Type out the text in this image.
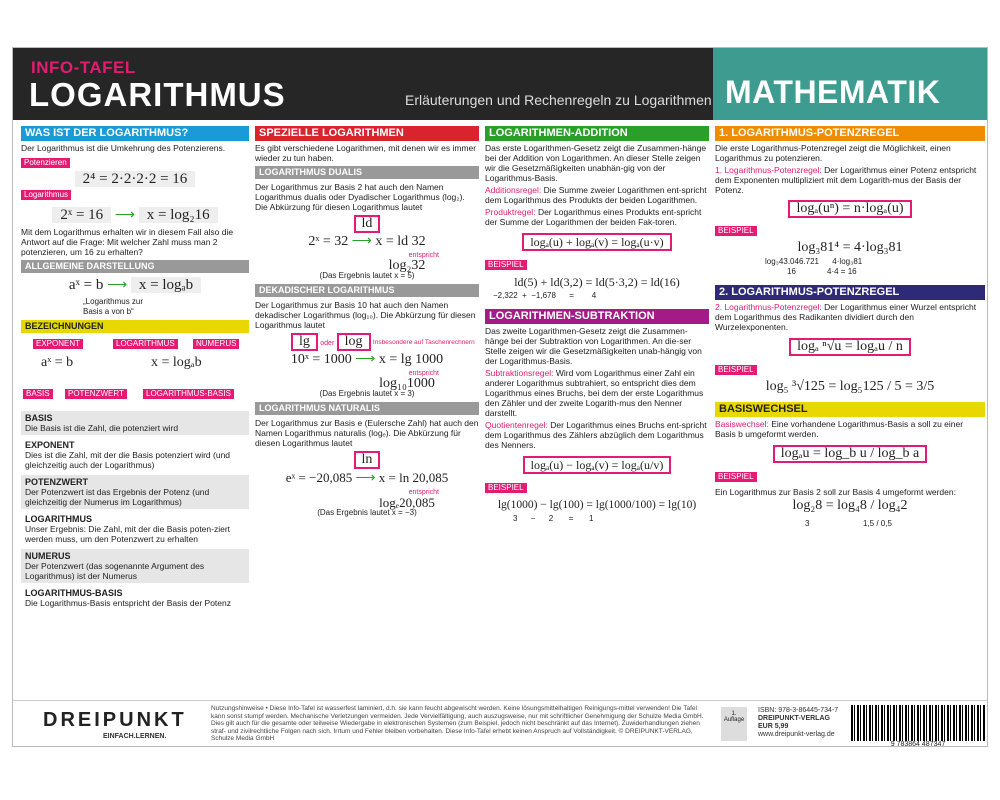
INFO-TAFEL
LOGARITHMUS	Erläuterungen und Rechenregeln zu Logarithmen MATHEMATIK
WAS IST DER LOGARITHMUS?
Der Logarithmus ist die Umkehrung des Potenzierens.
Potenzieren
2⁴ = 2·2·2·2 = 16
Logarithmus
2ˣ = 16 ⟶ x = log₂16
Mit dem Logarithmus erhalten wir in diesem Fall also die Antwort auf die Frage: Mit welcher Zahl muss man 2 potenzieren, um 16 zu erhalten?
ALLGEMEINE DARSTELLUNG
aˣ = b ⟶ x = logₐb
„Logarithmus zur Basis a von b“
BEZEICHNUNGEN
EXPONENT	LOGARITHMUS	NUMERUS
aˣ = b	x = logₐb
BASIS	POTENZWERT	LOGARITHMUS-BASIS
BASIS
Die Basis ist die Zahl, die potenziert wird
EXPONENT
Dies ist die Zahl, mit der die Basis potenziert wird (und gleichzeitig auch der Logarithmus)
POTENZWERT
Der Potenzwert ist das Ergebnis der Potenz (und gleichzeitig der Numerus im Logarithmus)
LOGARITHMUS
Unser Ergebnis: Die Zahl, mit der die Basis poten-ziert werden muss, um den Potenzwert zu erhalten
NUMERUS
Der Potenzwert (das sogenannte Argument des Logarithmus) ist der Numerus
LOGARITHMUS-BASIS
Die Logarithmus-Basis entspricht der Basis der Potenz
SPEZIELLE LOGARITHMEN
Es gibt verschiedene Logarithmen, mit denen wir es immer wieder zu tun haben.
LOGARITHMUS DUALIS
Der Logarithmus zur Basis 2 hat auch den Namen Logarithmus dualis oder Dyadischer Logarithmus (log₂). Die Abkürzung für diesen Logarithmus lautet
ld
2ˣ = 32 ⟶ x = ld 32
entspricht
log₂32
(Das Ergebnis lautet x = 5)
DEKADISCHER LOGARITHMUS
Der Logarithmus zur Basis 10 hat auch den Namen dekadischer Logarithmus (log₁₀). Die Abkürzung für diesen Logarithmus lautet
lg oder log Insbesondere auf Taschenrechnern
10ˣ = 1000 ⟶ x = lg 1000
entspricht
log₁₀1000
(Das Ergebnis lautet x = 3)
LOGARITHMUS NATURALIS
Der Logarithmus zur Basis e (Eulersche Zahl) hat auch den Namen Logarithmus naturalis (logₑ). Die Abkürzung für diesen Logarithmus lautet
ln
eˣ = −20,085 ⟶ x = ln 20,085
entspricht
logₑ20,085
(Das Ergebnis lautet x = −3)
LOGARITHMEN-ADDITION
Das erste Logarithmen-Gesetz zeigt die Zusammen-hänge bei der Addition von Logarithmen. An dieser Stelle zeigen wir die Gesetzmäßigkeiten unabhän-gig von der Logarithmus-Basis.
Additionsregel: Die Summe zweier Logarithmen ent-spricht dem Logarithmus des Produkts der beiden Logarithmen.
Produktregel: Der Logarithmus eines Produkts ent-spricht der Summe der Logarithmen der beiden Fak-toren.
logₐ(u) + logₐ(v) = logₐ(u·v)
BEISPIEL
ld(5) + ld(3,2) = ld(5·3,2) = ld(16)
−2,322  +  −1,678      =        4
LOGARITHMEN-SUBTRAKTION
Das zweite Logarithmen-Gesetz zeigt die Zusammen-hänge bei der Subtraktion von Logarithmen. An die-ser Stelle zeigen wir die Gesetzmäßigkeiten unab-hängig von der Logarithmus-Basis.
Subtraktionsregel: Wird vom Logarithmus einer Zahl ein anderer Logarithmus subtrahiert, so entspricht dies dem Logarithmus eines Bruchs, bei dem der erste Logarithmus den Zähler und der zweite Logarith-mus den Nenner darstellt.
Quotientenregel: Der Logarithmus eines Bruchs ent-spricht dem Logarithmus des Zählers abzüglich dem Logarithmus des Nenners.
logₐ(u) − logₐ(v) = logₐ(u/v)
BEISPIEL
lg(1000) − lg(100) = lg(1000/100) = lg(10)
3      −      2       =       1
1. LOGARITHMUS-POTENZREGEL
Die erste Logarithmus-Potenzregel zeigt die Möglichkeit, einen Logarithmus zu potenzieren.
1. Logarithmus-Potenzregel: Der Logarithmus einer Potenz entspricht dem Exponenten multipliziert mit dem Logarith-mus der Basis der Potenz.
logₐ(uⁿ) = n·logₐ(u)
BEISPIEL
log₃81⁴ = 4·log₃81
log₃43.046.721      4·log₃81
16              4·4 = 16
2. LOGARITHMUS-POTENZREGEL
2. Logarithmus-Potenzregel: Der Logarithmus einer Wurzel entspricht dem Logarithmus des Radikanten dividiert durch den Wurzelexponenten.
logₐ ⁿ√u = logₐu / n
BEISPIEL
log₅ ³√125 = log₅125 / 5 = 3/5
BASISWECHSEL
Basiswechsel: Eine vorhandene Logarithmus-Basis a soll zu einer Basis b umgeformt werden.
logₐu = log_b u / log_b a
BEISPIEL
Ein Logarithmus zur Basis 2 soll zur Basis 4 umgeformt werden:
log₂8 = log₄8 / log₄2
3	1,5 / 0,5
DREIPUNKT
EINFACH.LERNEN.
Nutzungshinweise • Diese Info-Tafel ist wasserfest laminiert, d.h. sie kann feucht abgewischt werden. Keine lösungsmittelhaltigen Reinigungs-mittel verwenden! Die Tafel kann sonst stumpf werden. Mechanische Verletzungen vermeiden. Jede Vervielfältigung, auch auszugsweise, nur mit schriftlicher Genehmigung der Schulze Media GmbH. Dies gilt auch für die gesamte oder teilweise Wiedergabe in elektronischen Systemen (zum Beispiel, jedoch nicht beschränkt auf das Internet). Zuwiderhandlungen ziehen straf- und zivilrechtliche Folgen nach sich. Irrtum und Fehler bleiben vorbehalten. Diese Info-Tafel erhebt keinen Anspruch auf Vollständigkeit. © DREIPUNKT-VERLAG, Schulze Media GmbH
1. Auflage
ISBN: 978-3-86445-734-7
DREIPUNKT-VERLAG
EUR 5,99
www.dreipunkt-verlag.de
9 783864 487347
